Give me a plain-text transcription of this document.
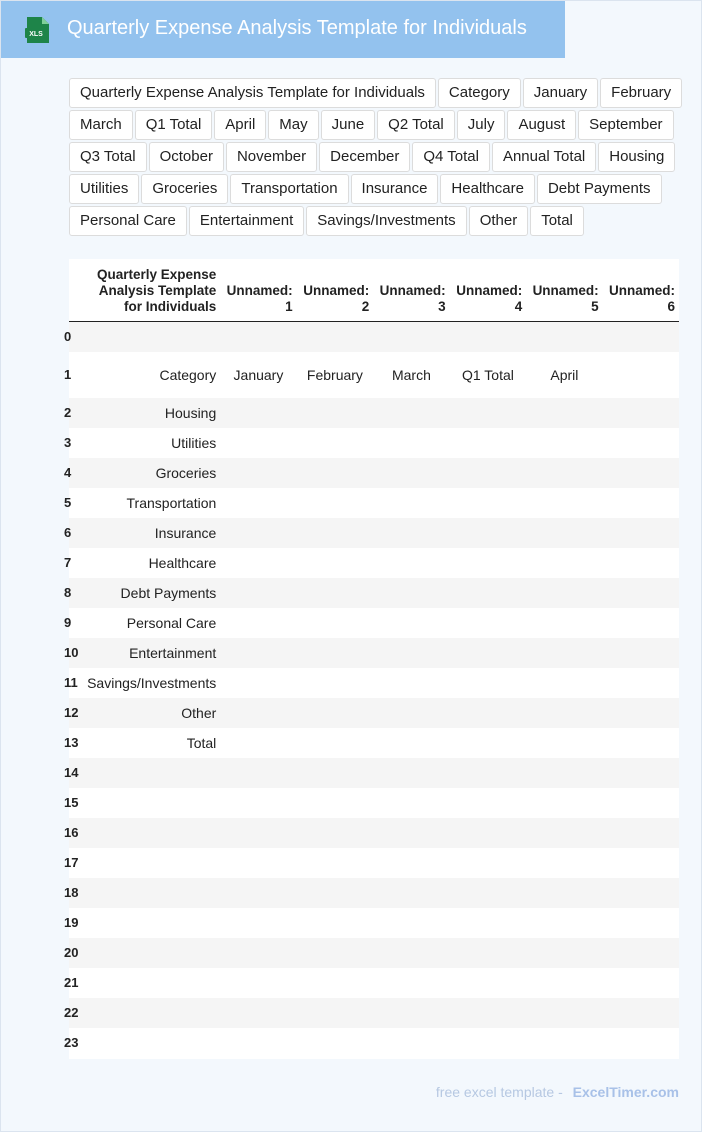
XLS Quarterly Expense Analysis Template for Individuals
Quarterly Expense Analysis Template for Individuals	Category	January	February
March	Q1 Total	April	May	June	Q2 Total	July	August	September
Q3 Total	October	November	December	Q4 Total	Annual Total	Housing
Utilities	Groceries	Transportation	Insurance	Healthcare	Debt Payments
Personal Care	Entertainment	Savings/Investments	Other	Total
	Quarterly Expense Analysis Template for Individuals	Unnamed: 1	Unnamed: 2	Unnamed: 3	Unnamed: 4	Unnamed: 5	Unnamed: 6
0							
1	Category	January	February	March	Q1 Total	April	
2	Housing						
3	Utilities						
4	Groceries						
5	Transportation						
6	Insurance						
7	Healthcare						
8	Debt Payments						
9	Personal Care						
10	Entertainment						
11	Savings/Investments						
12	Other						
13	Total						
14							
15							
16							
17							
18							
19							
20							
21							
22							
23							
free excel template - ExcelTimer.com
